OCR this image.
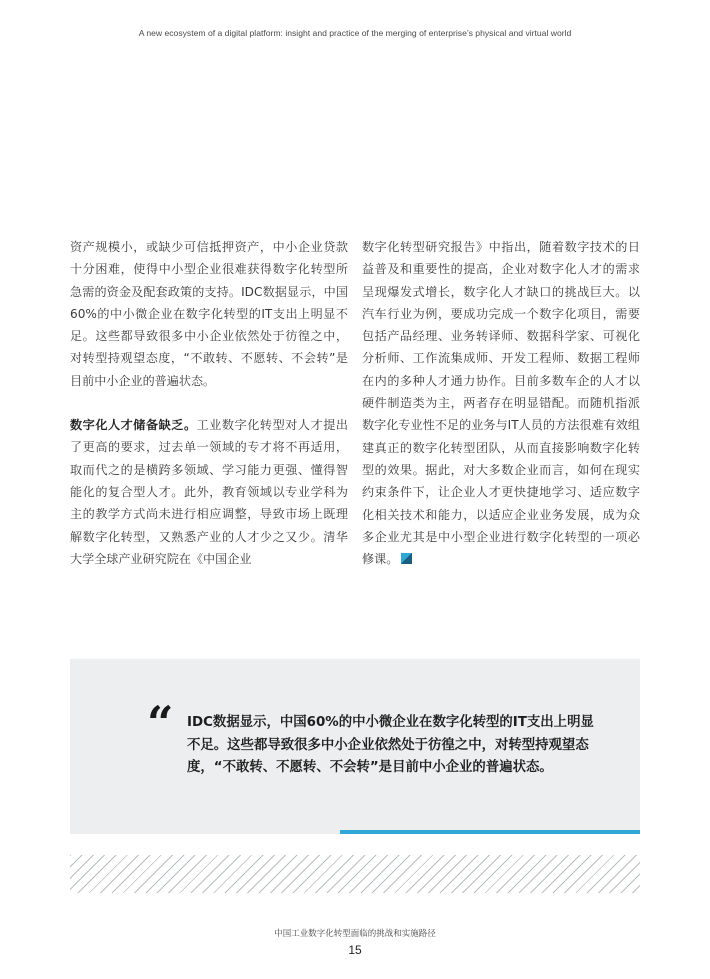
A new ecosystem of a digital platform: insight and practice of the merging of enterprise’s physical and virtual world

资产规模小，或缺少可信抵押资产，中小企业贷款十分困难，使得中小型企业很难获得数字化转型所急需的资金及配套政策的支持。IDC数据显示，中国60%的中小微企业在数字化转型的IT支出上明显不足。这些都导致很多中小企业依然处于彷徨之中，对转型持观望态度，“不敢转、不愿转、不会转”是目前中小企业的普遍状态。

数字化人才储备缺乏。工业数字化转型对人才提出了更高的要求，过去单一领域的专才将不再适用，取而代之的是横跨多领域、学习能力更强、懂得智能化的复合型人才。此外，教育领域以专业学科为主的教学方式尚未进行相应调整，导致市场上既理解数字化转型，又熟悉产业的人才少之又少。清华大学全球产业研究院在《中国企业

数字化转型研究报告》中指出，随着数字技术的日益普及和重要性的提高，企业对数字化人才的需求呈现爆发式增长，数字化人才缺口的挑战巨大。以汽车行业为例，要成功完成一个数字化项目，需要包括产品经理、业务转译师、数据科学家、可视化分析师、工作流集成师、开发工程师、数据工程师在内的多种人才通力协作。目前多数车企的人才以硬件制造类为主，两者存在明显错配。而随机指派数字化专业性不足的业务与IT人员的方法很难有效组建真正的数字化转型团队，从而直接影响数字化转型的效果。据此，对大多数企业而言，如何在现实约束条件下，让企业人才更快捷地学习、适应数字化相关技术和能力，以适应企业业务发展，成为众多企业尤其是中小型企业进行数字化转型的一项必修课。

“ IDC数据显示，中国60%的中小微企业在数字化转型的IT支出上明显不足。这些都导致很多中小企业依然处于彷徨之中，对转型持观望态度，“不敢转、不愿转、不会转”是目前中小企业的普遍状态。
中国工业数字化转型面临的挑战和实施路径
15
